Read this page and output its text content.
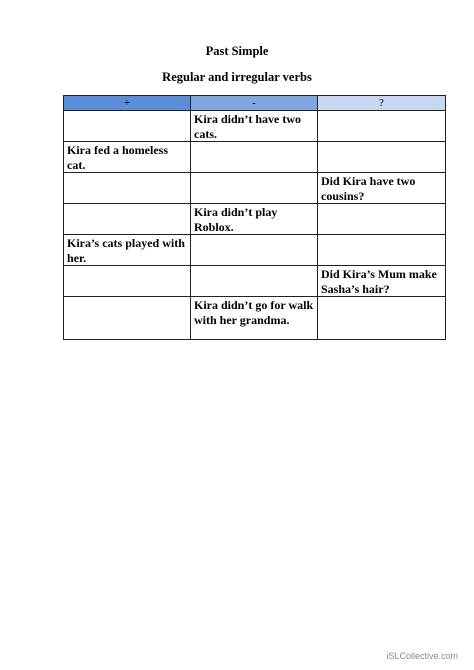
Past Simple
Regular and irregular verbs
+	-	?
	Kira didn’t have two cats.	
Kira fed a homeless cat.		
		Did Kira have two cousins?
	Kira didn’t play Roblox.	
Kira’s cats played with her.		
		Did Kira’s Mum make Sasha’s hair?
	Kira didn’t go for walk with her grandma.	
iSLCollective.com
